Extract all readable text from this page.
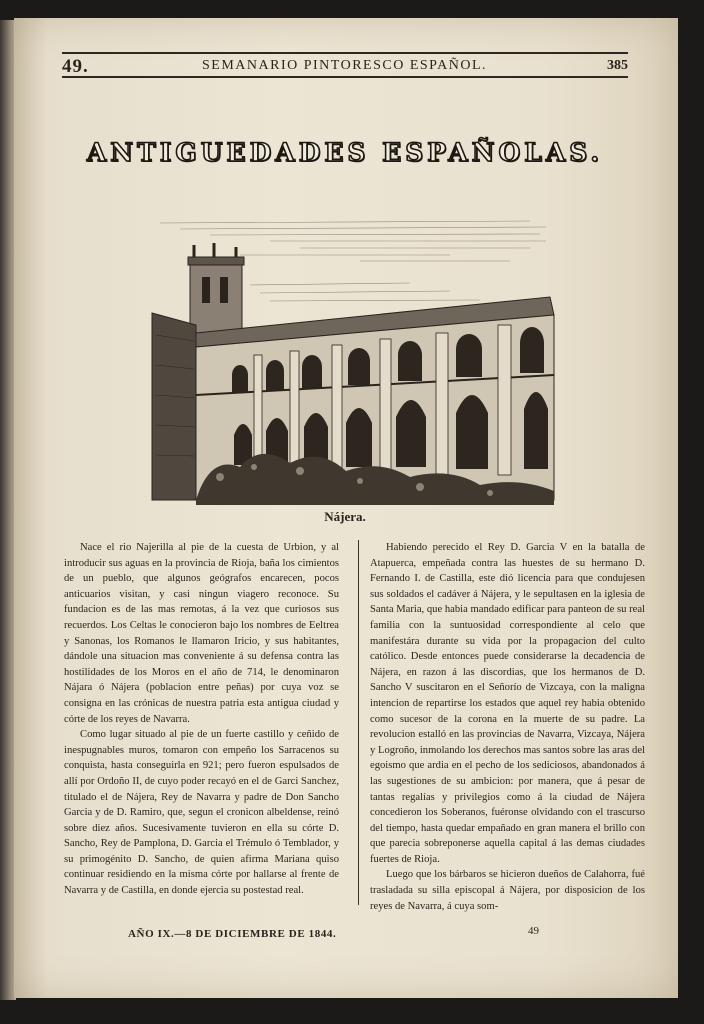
49.	SEMANARIO PINTORESCO ESPAÑOL.	385
ANTIGUEDADES ESPAÑOLAS.
Nájera.

Nace el rio Najerilla al pie de la cuesta de Urbion, y al introducir sus aguas en la provincia de Rioja, baña los cimientos de un pueblo, que algunos geógrafos encarecen, pocos anticuarios visitan, y casi ningun viagero reconoce. Su fundacion es de las mas remotas, á la vez que curiosos sus recuerdos. Los Celtas le conocieron bajo los nombres de Eeltrea y Sanonas, los Romanos le llamaron Iricio, y sus habitantes, dándole una situacion mas conveniente á su defensa contra las hostilidades de los Moros en el año de 714, le denominaron Nájara ó Nájera (poblacion entre peñas) por cuya voz se consigna en las crónicas de nuestra patria esta antigua ciudad y córte de los reyes de Navarra.

Como lugar situado al pie de un fuerte castillo y ceñido de inespugnables muros, tomaron con empeño los Sarracenos su conquista, hasta conseguirla en 921; pero fueron espulsados de allí por Ordoño II, de cuyo poder recayó en el de Garci Sanchez, titulado el de Nájera, Rey de Navarra y padre de Don Sancho Garcia y de D. Ramiro, que, segun el cronicon albeldense, reinó sobre diez años. Sucesivamente tuvieron en ella su córte D. Sancho, Rey de Pamplona, D. Garcia el Trémulo ó Temblador, y su primogénito D. Sancho, de quien afirma Mariana quiso continuar residiendo en la misma córte por hallarse al frente de Navarra y de Castilla, en donde ejercia su postestad real.

Habiendo perecido el Rey D. Garcia V en la batalla de Atapuerca, empeñada contra las huestes de su hermano D. Fernando I. de Castilla, este dió licencia para que condujesen sus soldados el cadáver á Nájera, y le sepultasen en la iglesia de Santa Maria, que habia mandado edificar para panteon de su real familia con la suntuosidad correspondiente al celo que manifestára durante su vida por la propagacion del culto católico. Desde entonces puede considerarse la decadencia de Nájera, en razon á las discordias, que los hermanos de D. Sancho V suscitaron en el Señorío de Vizcaya, con la maligna intencion de repartirse los estados que aquel rey habia obtenido como sucesor de la corona en la muerte de su padre. La revolucion estalló en las provincias de Navarra, Vizcaya, Nájera y Logroño, inmolando los derechos mas santos sobre las aras del egoismo que ardia en el pecho de los sediciosos, abandonados á las sugestiones de su ambicion: por manera, que á pesar de tantas regalías y privilegios como á la ciudad de Nájera concedieron los Soberanos, fuéronse olvidando con el trascurso del tiempo, hasta quedar empañado en gran manera el brillo con que parecia sobreponerse aquella capital á las demas ciudades fuertes de Rioja.

Luego que los bárbaros se hicieron dueños de Calahorra, fué trasladada su silla episcopal á Nájera, por disposicion de los reyes de Navarra, á cuya som-

AÑO IX.—8 DE DICIEMBRE DE 1844.	49
